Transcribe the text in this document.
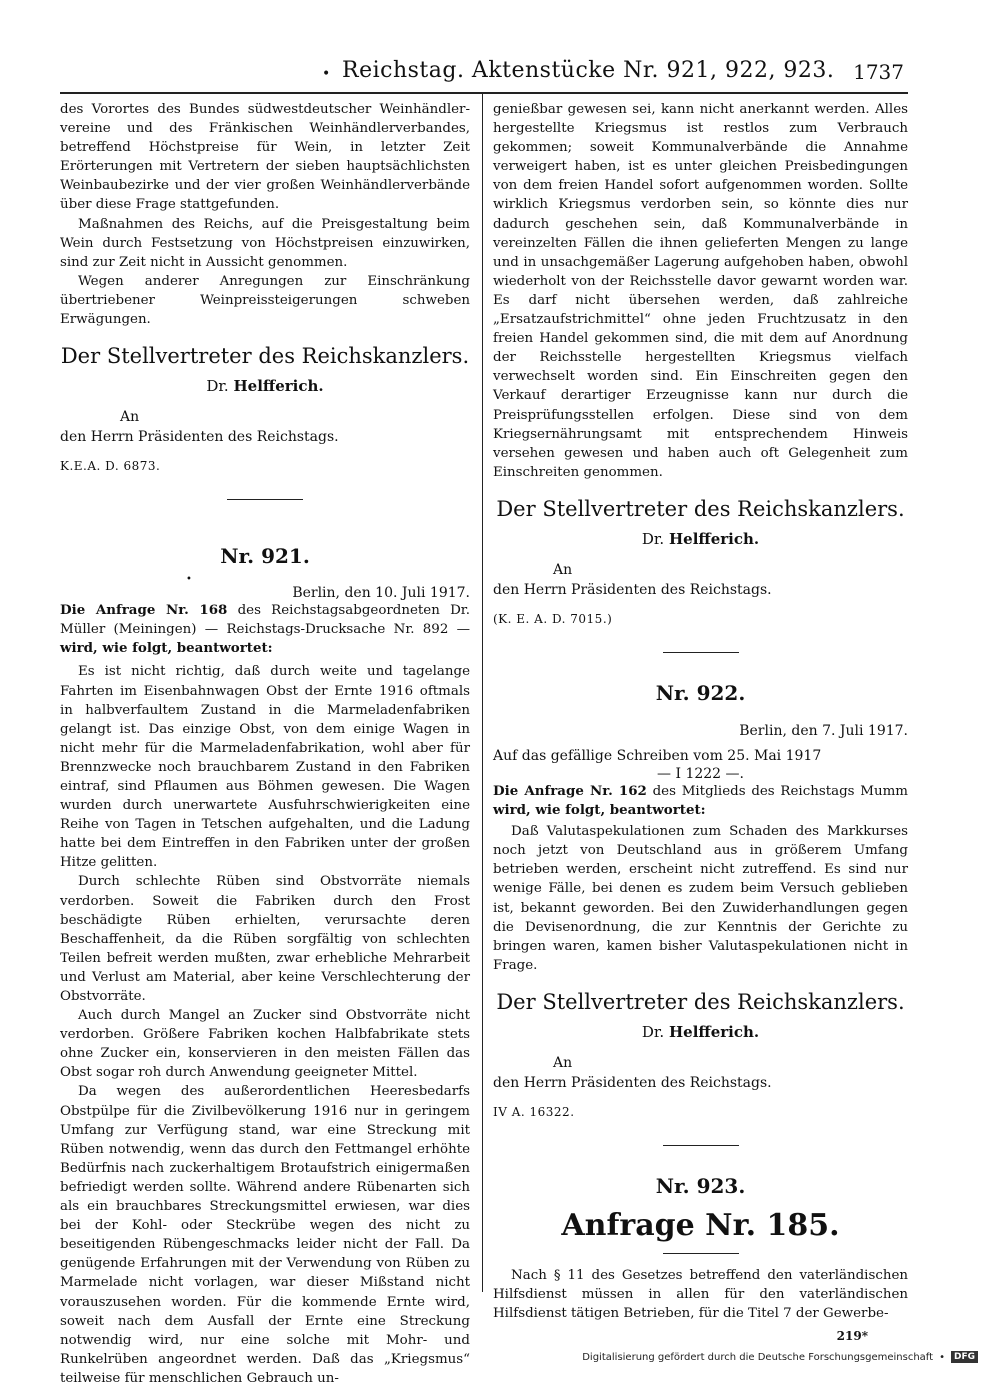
• Reichstag. Aktenstücke Nr. 921, 922, 923. 1737

des Vorortes des Bundes südwestdeutscher Weinhändler-vereine und des Fränkischen Weinhändlerverbandes, betreffend Höchstpreise für Wein, in letzter Zeit Erörterungen mit Vertretern der sieben hauptsächlichsten Weinbaubezirke und der vier großen Weinhändlerverbände über diese Frage stattgefunden.

Maßnahmen des Reichs, auf die Preisgestaltung beim Wein durch Festsetzung von Höchstpreisen einzuwirken, sind zur Zeit nicht in Aussicht genommen.

Wegen anderer Anregungen zur Einschränkung übertriebener Weinpreissteigerungen schweben Erwägungen.

Der Stellvertreter des Reichskanzlers.
Dr. Helfferich.
An
den Herrn Präsidenten des Reichstags.
K.E.A. D. 6873.
Nr. 921.
•
Berlin, den 10. Juli 1917.

Die Anfrage Nr. 168 des Reichstagsabgeordneten Dr. Müller (Meiningen) — Reichstags-Drucksache Nr. 892 — wird, wie folgt, beantwortet:

Es ist nicht richtig, daß durch weite und tagelange Fahrten im Eisenbahnwagen Obst der Ernte 1916 oftmals in halbverfaultem Zustand in die Marmeladenfabriken gelangt ist. Das einzige Obst, von dem einige Wagen in nicht mehr für die Marmeladenfabrikation, wohl aber für Brennzwecke noch brauchbarem Zustand in den Fabriken eintraf, sind Pflaumen aus Böhmen gewesen. Die Wagen wurden durch unerwartete Ausfuhrschwierigkeiten eine Reihe von Tagen in Tetschen aufgehalten, und die Ladung hatte bei dem Eintreffen in den Fabriken unter der großen Hitze gelitten.

Durch schlechte Rüben sind Obstvorräte niemals verdorben. Soweit die Fabriken durch den Frost beschädigte Rüben erhielten, verursachte deren Beschaffenheit, da die Rüben sorgfältig von schlechten Teilen befreit werden mußten, zwar erhebliche Mehrarbeit und Verlust am Material, aber keine Verschlechterung der Obstvorräte.

Auch durch Mangel an Zucker sind Obstvorräte nicht verdorben. Größere Fabriken kochen Halbfabrikate stets ohne Zucker ein, konservieren in den meisten Fällen das Obst sogar roh durch Anwendung geeigneter Mittel.

Da wegen des außerordentlichen Heeresbedarfs Obstpülpe für die Zivilbevölkerung 1916 nur in geringem Umfang zur Verfügung stand, war eine Streckung mit Rüben notwendig, wenn das durch den Fettmangel erhöhte Bedürfnis nach zuckerhaltigem Brotaufstrich einigermaßen befriedigt werden sollte. Während andere Rübenarten sich als ein brauchbares Streckungsmittel erwiesen, war dies bei der Kohl- oder Steckrübe wegen des nicht zu beseitigenden Rübengeschmacks leider nicht der Fall. Da genügende Erfahrungen mit der Verwendung von Rüben zu Marmelade nicht vorlagen, war dieser Mißstand nicht vorauszusehen worden. Für die kommende Ernte wird, soweit nach dem Ausfall der Ernte eine Streckung notwendig wird, nur eine solche mit Mohr- und Runkelrüben angeordnet werden. Daß das „Kriegsmus“ teilweise für menschlichen Gebrauch un-

genießbar gewesen sei, kann nicht anerkannt werden. Alles hergestellte Kriegsmus ist restlos zum Verbrauch gekommen; soweit Kommunalverbände die Annahme verweigert haben, ist es unter gleichen Preisbedingungen von dem freien Handel sofort aufgenommen worden. Sollte wirklich Kriegsmus verdorben sein, so könnte dies nur dadurch geschehen sein, daß Kommunalverbände in vereinzelten Fällen die ihnen gelieferten Mengen zu lange und in unsachgemäßer Lagerung aufgehoben haben, obwohl wiederholt von der Reichsstelle davor gewarnt worden war. Es darf nicht übersehen werden, daß zahlreiche „Ersatzaufstrichmittel“ ohne jeden Fruchtzusatz in den freien Handel gekommen sind, die mit dem auf Anordnung der Reichsstelle hergestellten Kriegsmus vielfach verwechselt worden sind. Ein Einschreiten gegen den Verkauf derartiger Erzeugnisse kann nur durch die Preisprüfungsstellen erfolgen. Diese sind von dem Kriegsernährungsamt mit entsprechendem Hinweis versehen gewesen und haben auch oft Gelegenheit zum Einschreiten genommen.

Der Stellvertreter des Reichskanzlers.
Dr. Helfferich.
An
den Herrn Präsidenten des Reichstags.
(K. E. A. D. 7015.)
Nr. 922.
Berlin, den 7. Juli 1917.

Auf das gefällige Schreiben vom 25. Mai 1917

— I 1222 —.

Die Anfrage Nr. 162 des Mitglieds des Reichstags Mumm wird, wie folgt, beantwortet:

Daß Valutaspekulationen zum Schaden des Markkurses noch jetzt von Deutschland aus in größerem Umfang betrieben werden, erscheint nicht zutreffend. Es sind nur wenige Fälle, bei denen es zudem beim Versuch geblieben ist, bekannt geworden. Bei den Zuwiderhandlungen gegen die Devisenordnung, die zur Kenntnis der Gerichte zu bringen waren, kamen bisher Valutaspekulationen nicht in Frage.

Der Stellvertreter des Reichskanzlers.
Dr. Helfferich.
An
den Herrn Präsidenten des Reichstags.
IV A. 16322.
Nr. 923.
Anfrage Nr. 185.

Nach § 11 des Gesetzes betreffend den vaterländischen Hilfsdienst müssen in allen für den vaterländischen Hilfsdienst tätigen Betrieben, für die Titel 7 der Gewerbe-

219*
Digitalisierung gefördert durch die Deutsche Forschungsgemeinschaft •	DFG
